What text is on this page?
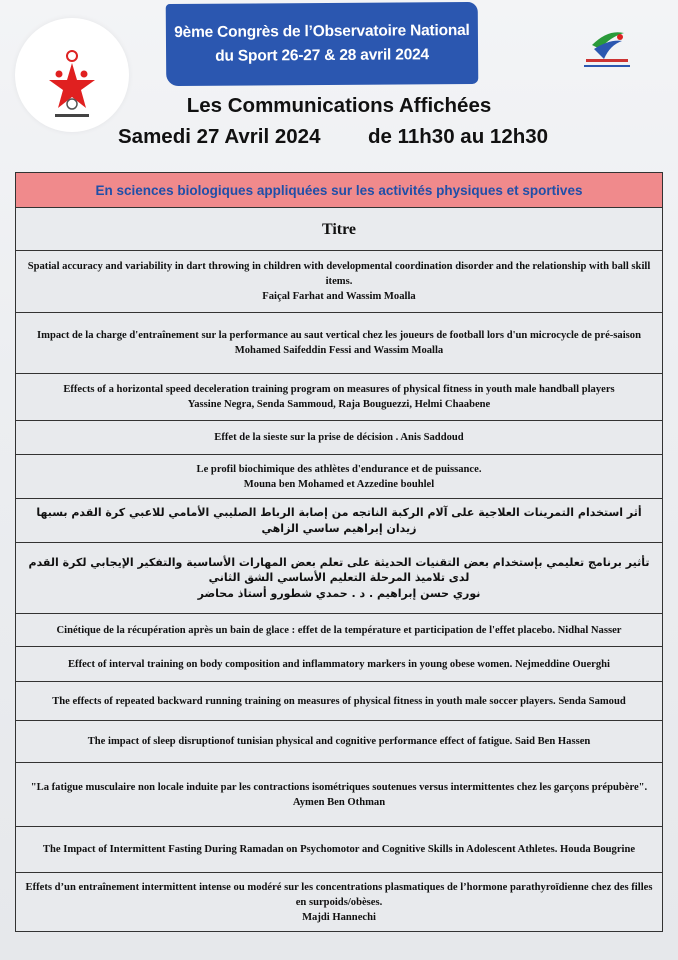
9ème Congrès de l’Observatoire National
du Sport 26-27 & 28 avril 2024
Les Communications Affichées
Samedi 27 Avril 2024 de 11h30 au 12h30
En sciences biologiques appliquées sur les activités physiques et sportives
Titre

Spatial accuracy and variability in dart throwing in children with developmental coordination disorder and the relationship with ball skill items.
Faiçal Farhat and Wassim Moalla

Impact de la charge d'entraînement sur la performance au saut vertical chez les joueurs de football lors d'un microcycle de pré-saison
Mohamed Saifeddin Fessi and Wassim Moalla

Effects of a horizontal speed deceleration training program on measures of physical fitness in youth male handball players
Yassine Negra, Senda Sammoud, Raja Bouguezzi, Helmi Chaabene

Effet de la sieste sur la prise de décision . Anis Saddoud

Le profil biochimique des athlètes d'endurance et de puissance.
Mouna ben Mohamed et Azzedine bouhlel

أثر استخدام التمرينات العلاجية على آلام الركبة الناتجه من إصابة الرباط الصليبي الأمامي للاعبي كرة القدم بسبها
زيدان إبراهيم ساسي الزاهي

تأثير برنامج تعليمي بإستخدام بعض التقنيات الحديثة على تعلم بعض المهارات الأساسية والتفكير الإيجابي لكرة القدم لدى تلاميذ المرحلة التعليم الأساسي الشق الثاني
نوري حسن إبراهيم . د . حمدي شطورو أستاذ محاضر

Cinétique de la récupération après un bain de glace : effet de la température et participation de l'effet placebo. Nidhal Nasser

Effect of interval training on body composition and inflammatory markers in young obese women. Nejmeddine Ouerghi

The effects of repeated backward running training on measures of physical fitness in youth male soccer players. Senda Samoud

The impact of sleep disruptionof tunisian physical and cognitive performance effect of fatigue. Said Ben Hassen

"La fatigue musculaire non locale induite par les contractions isométriques soutenues versus intermittentes chez les garçons prépubère".
Aymen Ben Othman

The Impact of Intermittent Fasting During Ramadan on Psychomotor and Cognitive Skills in Adolescent Athletes. Houda Bougrine

Effets d’un entraînement intermittent intense ou modéré sur les concentrations plasmatiques de l’hormone parathyroïdienne chez des filles en surpoids/obèses.
Majdi Hannechi
